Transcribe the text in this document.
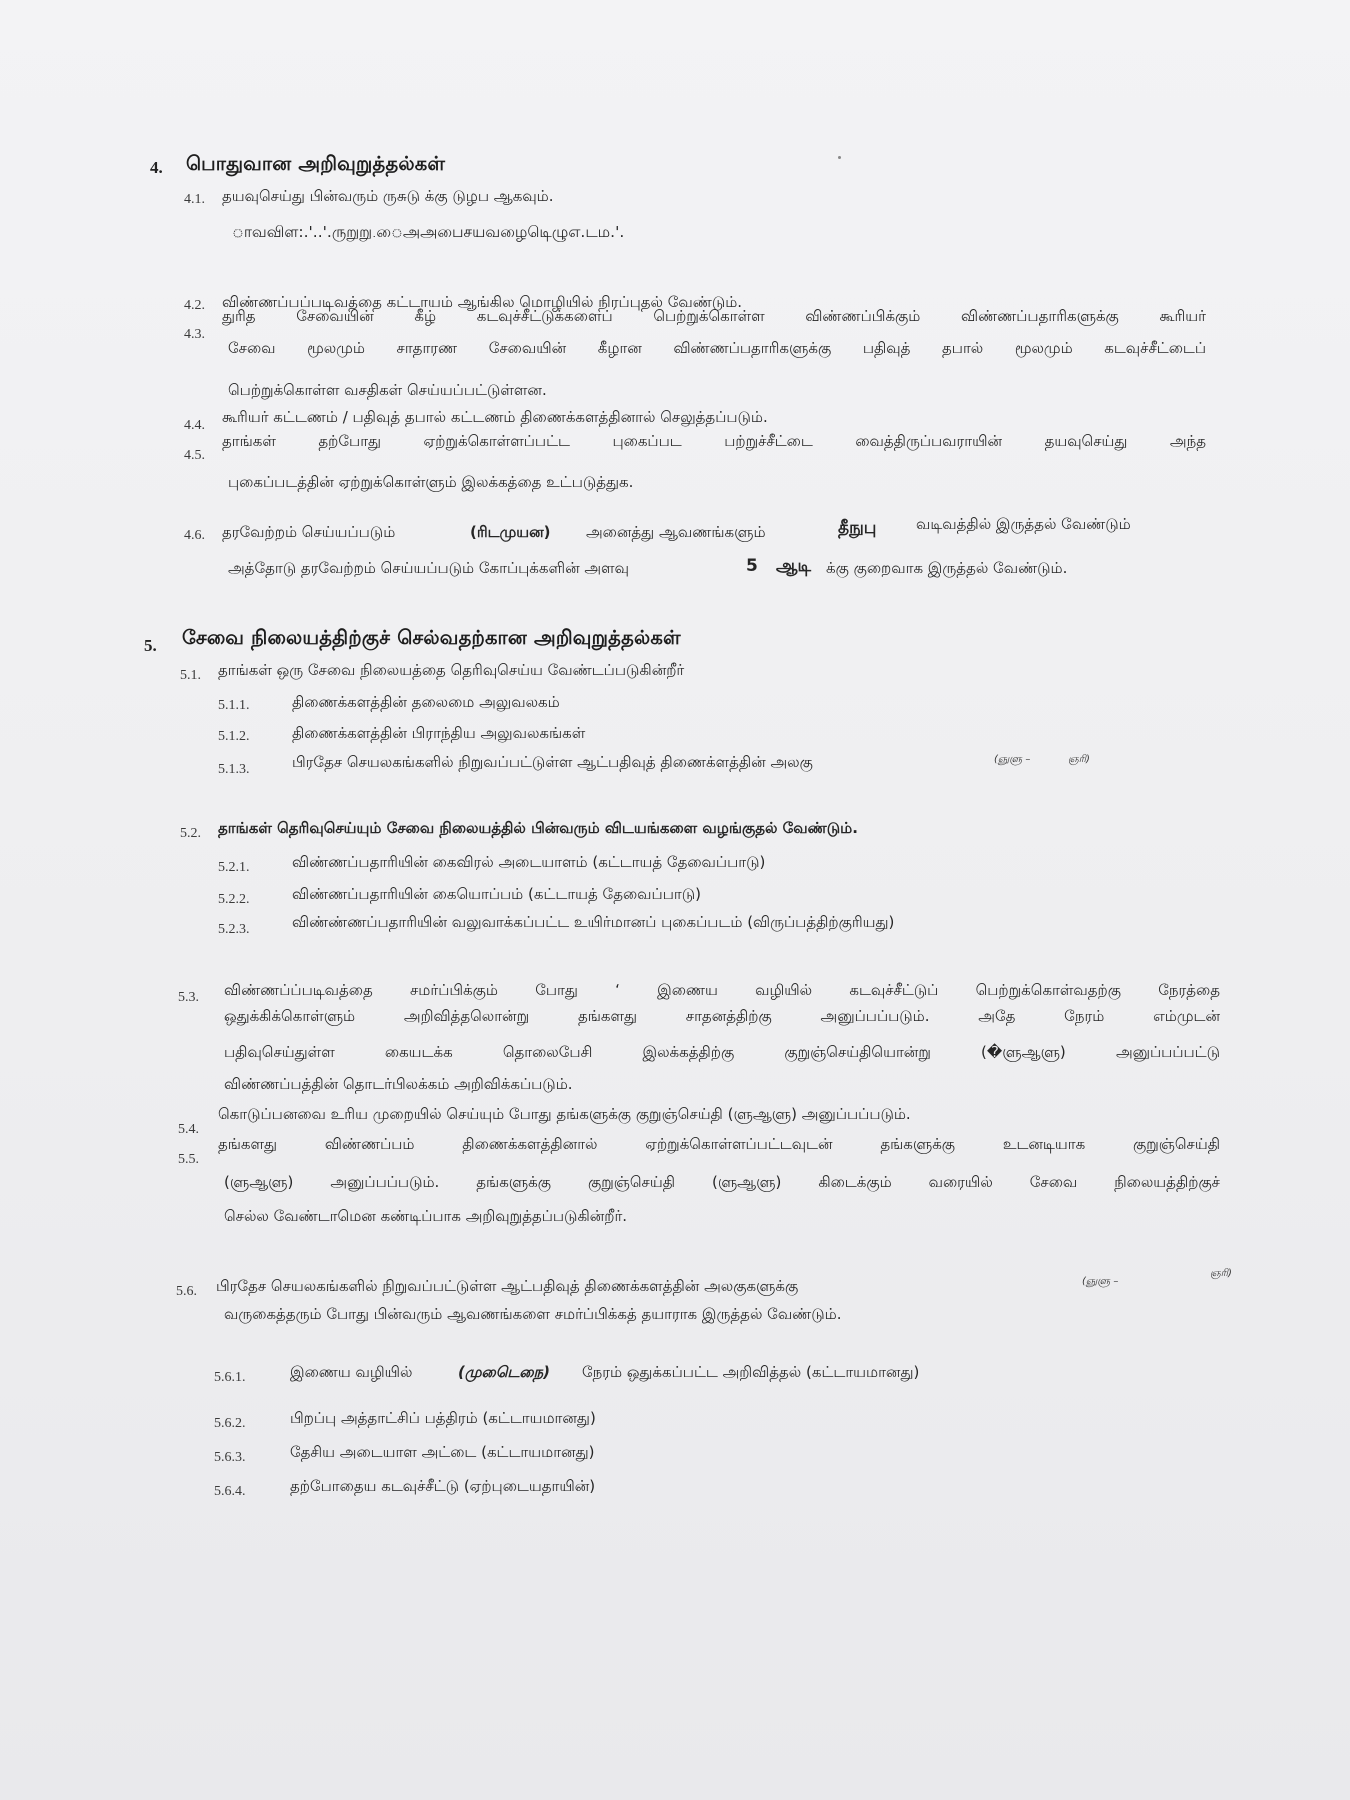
4. பொதுவான அறிவுறுத்தல்கள்
4.1. தயவுசெய்து பின்வரும் ருசுடு க்கு டுழப ஆகவும்.
ாவவிள:.'..'.ருறுறு.ைஅஅபைசயவழைடிெழுஎ.டம.'.
4.2. விண்ணப்பப்படிவத்தை கட்டாயம் ஆங்கில மொழியில் நிரப்புதல் வேண்டும்.
4.3.
துரித சேவையின் கீழ் கடவுச்சீட்டுக்களைப் பெற்றுக்கொள்ள விண்ணப்பிக்கும் விண்ணப்பதாரிகளுக்கு கூரியர்
சேவை மூலமும் சாதாரண சேவையின் கீழான விண்ணப்பதாரிகளுக்கு பதிவுத் தபால் மூலமும் கடவுச்சீட்டைப்
பெற்றுக்கொள்ள வசதிகள் செய்யப்பட்டுள்ளன.
4.4. கூரியர் கட்டணம் / பதிவுத் தபால் கட்டணம் திணைக்களத்தினால் செலுத்தப்படும்.
4.5.
தாங்கள் தற்போது ஏற்றுக்கொள்ளப்பட்ட புகைப்பட பற்றுச்சீட்டை வைத்திருப்பவராயின் தயவுசெய்து அந்த
புகைப்படத்தின் ஏற்றுக்கொள்ளும் இலக்கத்தை உட்படுத்துக.
4.6. தரவேற்றம் செய்யப்படும்	(ரிடமுயன) அனைத்து ஆவணங்களும்	தீநுபு	வடிவத்தில் இருத்தல் வேண்டும்
அத்தோடு தரவேற்றம் செய்யப்படும் கோப்புக்களின் அளவு	5 ஆடி க்கு குறைவாக இருத்தல் வேண்டும்.
5. சேவை நிலையத்திற்குச் செல்வதற்கான அறிவுறுத்தல்கள்
5.1. தாங்கள் ஒரு சேவை நிலையத்தை தெரிவுசெய்ய வேண்டப்படுகின்றீர்
5.1.1.	திணைக்களத்தின் தலைமை அலுவலகம்
5.1.2.	திணைக்களத்தின் பிராந்திய அலுவலகங்கள்
5.1.3.	பிரதேச செயலகங்களில் நிறுவப்பட்டுள்ள ஆட்பதிவுத் திணைக்ளத்தின் அலகு	(ஞுளு –	ஞரி)
5.2. தாங்கள் தெரிவுசெய்யும் சேவை நிலையத்தில் பின்வரும் விடயங்களை வழங்குதல் வேண்டும்.
5.2.1.	விண்ணப்பதாரியின் கைவிரல் அடையாளம் (கட்டாயத் தேவைப்பாடு)
5.2.2.	விண்ணப்பதாரியின் கையொப்பம் (கட்டாயத் தேவைப்பாடு)
5.2.3.	விண்ண்ணப்பதாரியின் வலுவாக்கப்பட்ட உயிர்மானப் புகைப்படம் (விருப்பத்திற்குரியது)
5.3. விண்ணப்ப்படிவத்தை சமர்ப்பிக்கும் போது ‘ இணைய வழியில் கடவுச்சீட்டுப் பெற்றுக்கொள்வதற்கு நேரத்தை
ஒதுக்கிக்கொள்ளும் அறிவித்தலொன்று தங்களது சாதனத்திற்கு அனுப்பப்படும். அதே நேரம் எம்முடன்
பதிவுசெய்துள்ள கையடக்க தொலைபேசி இலக்கத்திற்கு குறுஞ்செய்தியொன்று (�ளுஆளு) அனுப்பப்பட்டு
விண்ணப்பத்தின் தொடர்பிலக்கம் அறிவிக்கப்படும்.
5.4.
கொடுப்பனவை உரிய முறையில் செய்யும் போது தங்களுக்கு குறுஞ்செய்தி (ளுஆளு) அனுப்பப்படும்.
5.5.
தங்களது விண்ணப்பம் திணைக்களத்தினால் ஏற்றுக்கொள்ளப்பட்டவுடன் தங்களுக்கு உடனடியாக குறுஞ்செய்தி
(ளுஆளு) அனுப்பப்படும். தங்களுக்கு குறுஞ்செய்தி (ளுஆளு) கிடைக்கும் வரையில் சேவை நிலையத்திற்குச்
செல்ல வேண்டாமென கண்டிப்பாக அறிவுறுத்தப்படுகின்றீர்.
5.6. பிரதேச செயலகங்களில் நிறுவப்பட்டுள்ள ஆட்பதிவுத் திணைக்களத்தின் அலகுகளுக்கு	(ஞுளு –
ஞரி)
வருகைத்தரும் போது பின்வரும் ஆவணங்களை சமர்ப்பிக்கத் தயாராக இருத்தல் வேண்டும்.
5.6.1.	இணைய வழியில்	(முடெைநை) நேரம் ஒதுக்கப்பட்ட அறிவித்தல் (கட்டாயமானது)
5.6.2.	பிறப்பு அத்தாட்சிப் பத்திரம் (கட்டாயமானது)
5.6.3.	தேசிய அடையாள அட்டை (கட்டாயமானது)
5.6.4.	தற்போதைய கடவுச்சீட்டு (ஏற்புடையதாயின்)
